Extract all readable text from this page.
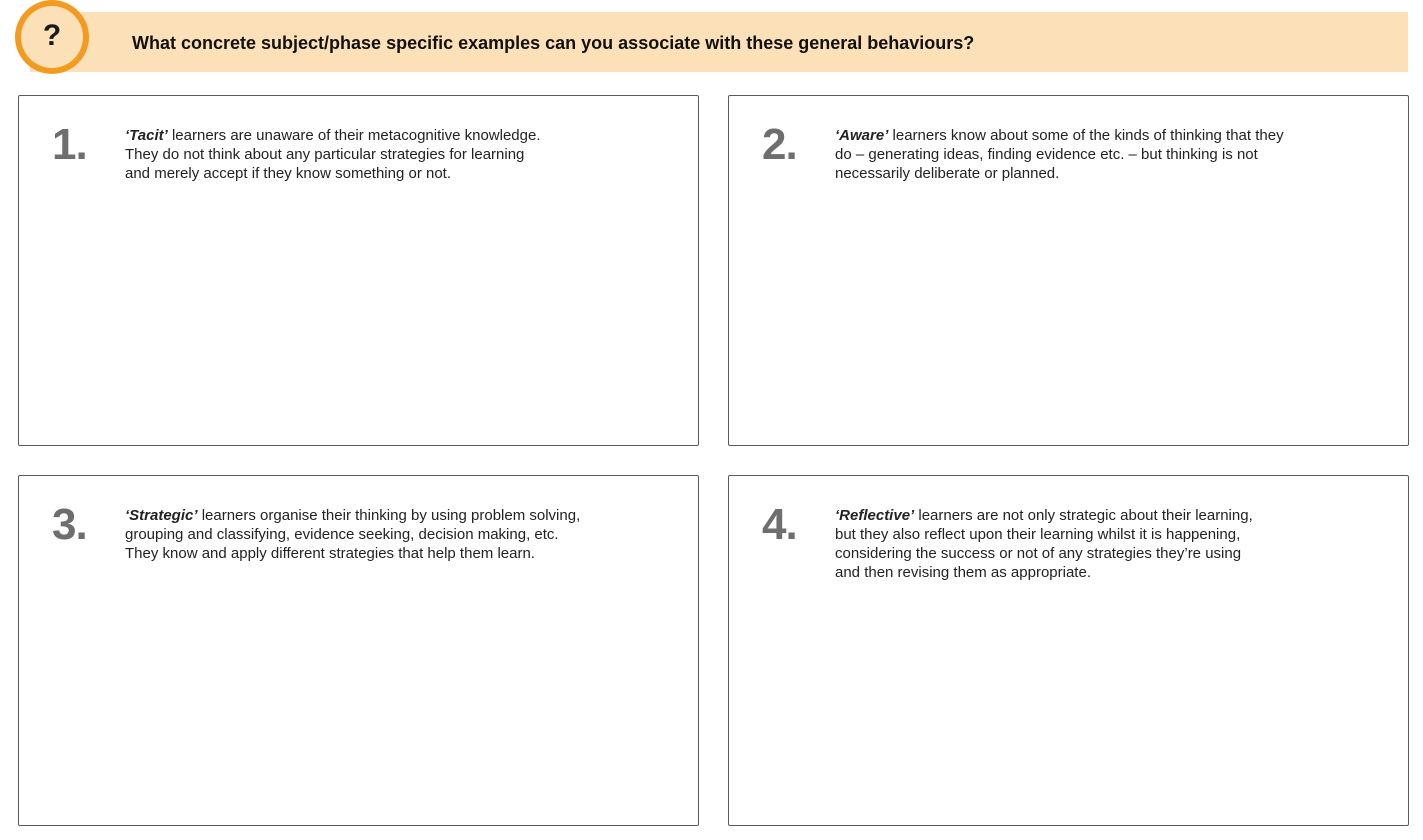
What concrete subject/phase specific examples can you associate with these general behaviours?
?
1.	‘Tacit’ learners are unaware of their metacognitive knowledge.
They do not think about any particular strategies for learning
and merely accept if they know something or not.
2.	‘Aware’ learners know about some of the kinds of thinking that they
do – generating ideas, finding evidence etc. – but thinking is not
necessarily deliberate or planned.
3.	‘Strategic’ learners organise their thinking by using problem solving,
grouping and classifying, evidence seeking, decision making, etc.
They know and apply different strategies that help them learn.
4.	‘Reflective’ learners are not only strategic about their learning,
but they also reflect upon their learning whilst it is happening,
considering the success or not of any strategies they’re using
and then revising them as appropriate.
